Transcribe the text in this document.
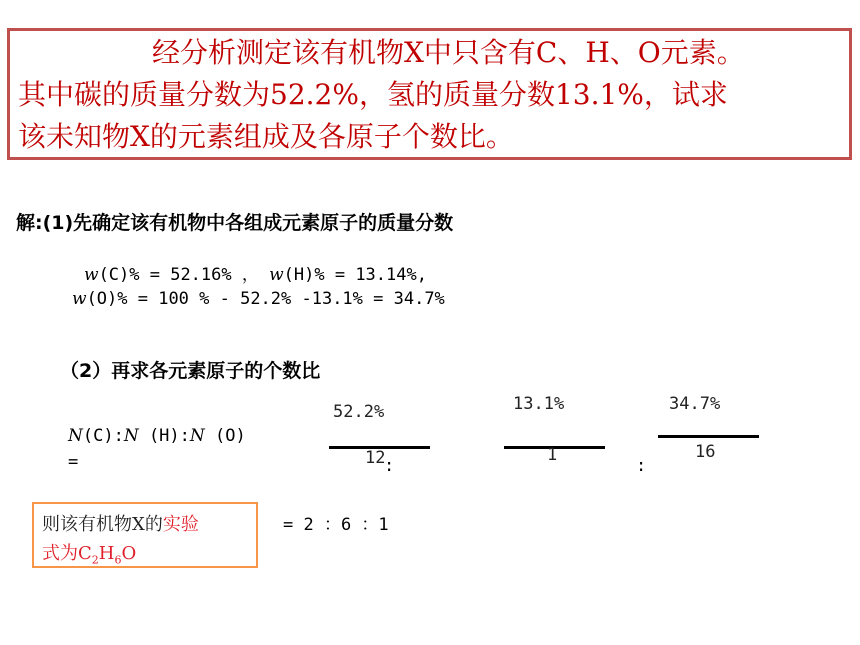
经分析测定该有机物X中只含有C、H、O元素。
其中碳的质量分数为52.2%，氢的质量分数13.1%，试求
该未知物X的元素组成及各原子个数比。
解:(1)先确定该有机物中各组成元素原子的质量分数
w(C)% = 52.16% ， w(H)% = 13.14%,
w(O)% = 100 % - 52.2% -13.1% = 34.7%
（2）再求各元素原子的个数比
N(C):N (H):N (O)
=
52.2%
12
:
13.1%
1
:
34.7%
16
则该有机物X的实验
式为$C_2H_6O$
= 2 ：6 ：1
